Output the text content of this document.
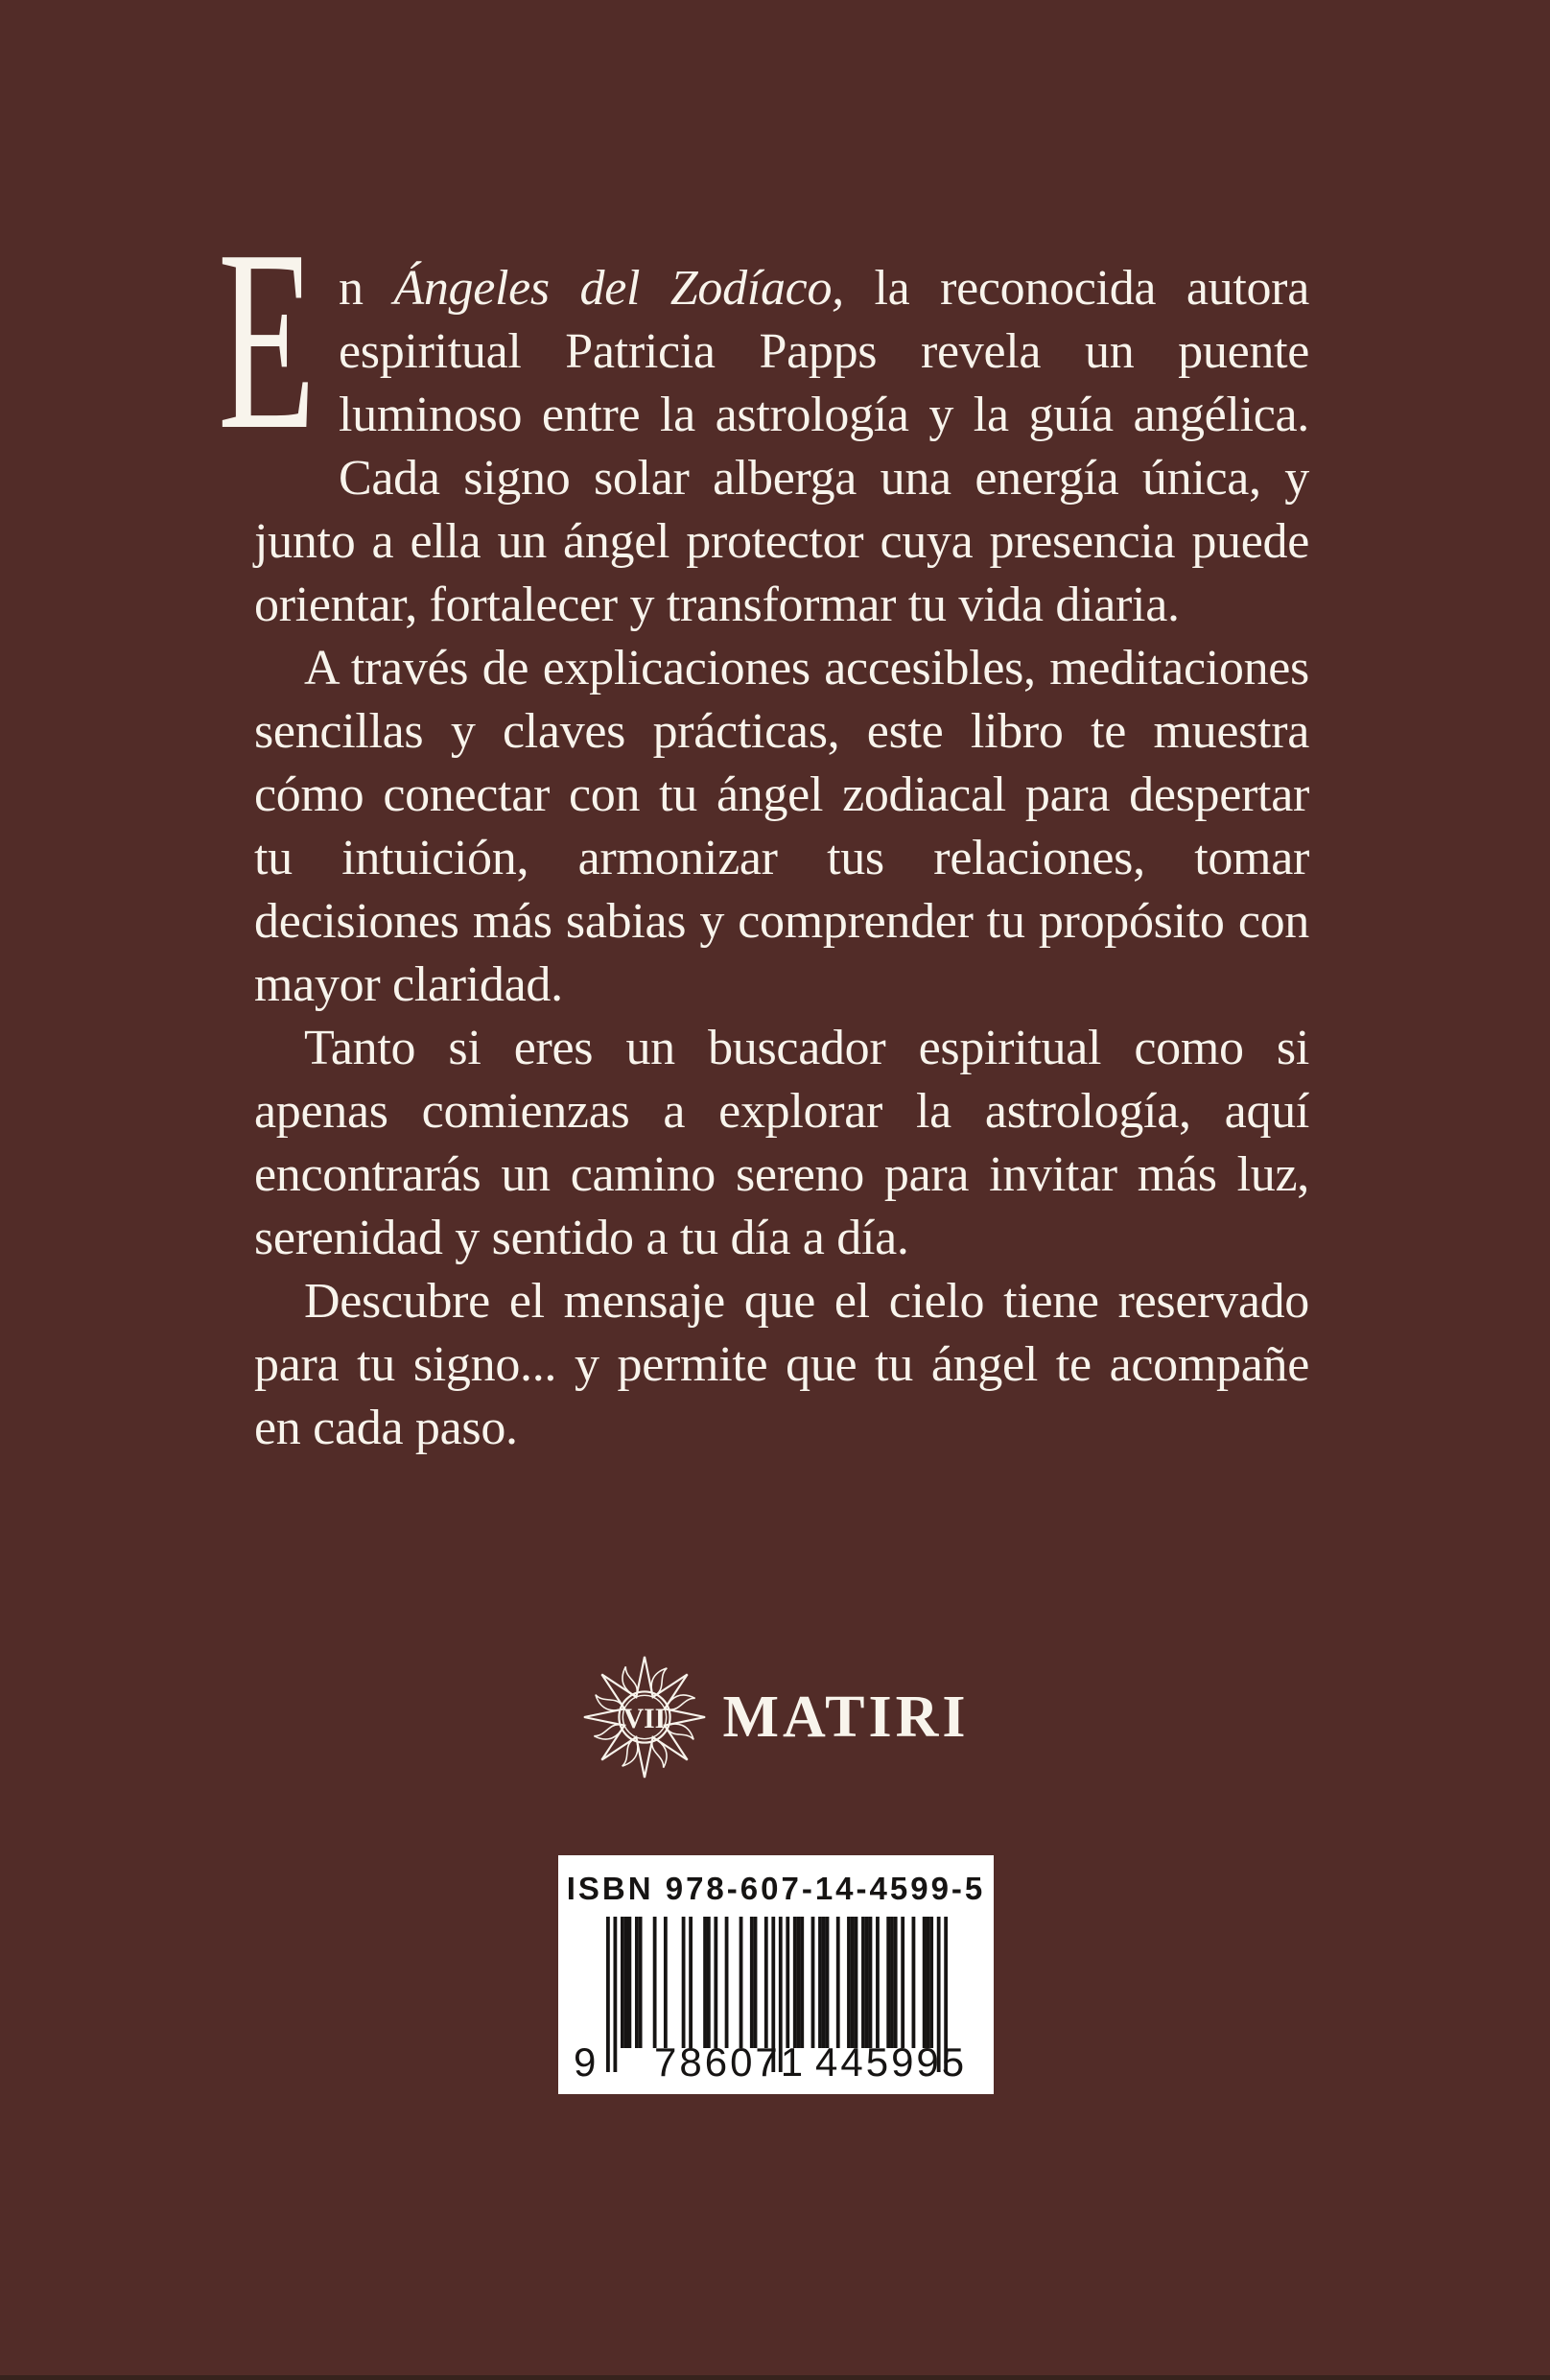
E n Ángeles del Zodíaco, la reconocida autora espiritual Patricia Papps revela un puente luminoso entre la astrología y la guía angélica. Cada signo solar alberga una energía única, y junto a ella un ángel protector cuya presencia puede orientar, fortalecer y transformar tu vida diaria.

A través de explicaciones accesibles, meditaciones sencillas y claves prácticas, este libro te muestra cómo conectar con tu ángel zodiacal para despertar tu intuición, armonizar tus relaciones, tomar decisiones más sabias y comprender tu propósito con mayor claridad.

Tanto si eres un buscador espiritual como si apenas comienzas a explorar la astrología, aquí encontrarás un camino sereno para invitar más luz, serenidad y sentido a tu día a día.

Descubre el mensaje que el cielo tiene reservado para tu signo... y permite que tu ángel te acompañe en cada paso.

VII MATIRI
ISBN 978-607-14-4599-5
9 786071 445995
